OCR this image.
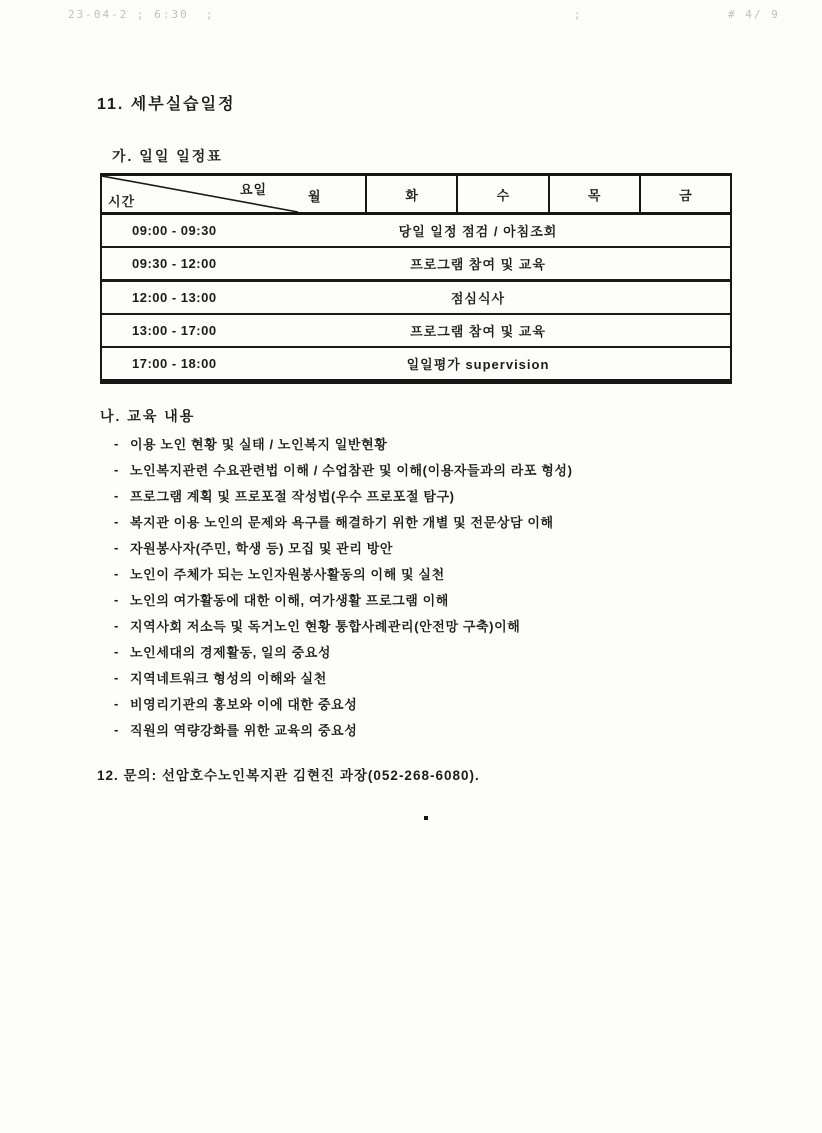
23-04-2 ; 6:30  ;	;	# 4/ 9
11. 세부실습일정
가. 일일 일정표
요일
시간	월	화	수	목	금
09:00 - 09:30	당일 일정 점검 / 아침조회
09:30 - 12:00	프로그램 참여 및 교육
12:00 - 13:00	점심식사
13:00 - 17:00	프로그램 참여 및 교육
17:00 - 18:00	일일평가 supervision
나. 교육 내용
- 이용 노인 현황 및 실태 / 노인복지 일반현황
- 노인복지관련 수요관련법 이해 / 수업참관 및 이해(이용자들과의 라포 형성)
- 프로그램 계획 및 프로포절 작성법(우수 프로포절 탐구)
- 복지관 이용 노인의 문제와 욕구를 해결하기 위한 개별 및 전문상담 이해
- 자원봉사자(주민, 학생 등) 모집 및 관리 방안
- 노인이 주체가 되는 노인자원봉사활동의 이해 및 실천
- 노인의 여가활동에 대한 이해, 여가생활 프로그램 이해
- 지역사회 저소득 및 독거노인 현황 통합사례관리(안전망 구축)이해
- 노인세대의 경제활동, 일의 중요성
- 지역네트워크 형성의 이해와 실천
- 비영리기관의 홍보와 이에 대한 중요성
- 직원의 역량강화를 위한 교육의 중요성
12. 문의: 선암호수노인복지관 김현진 과장(052-268-6080).
